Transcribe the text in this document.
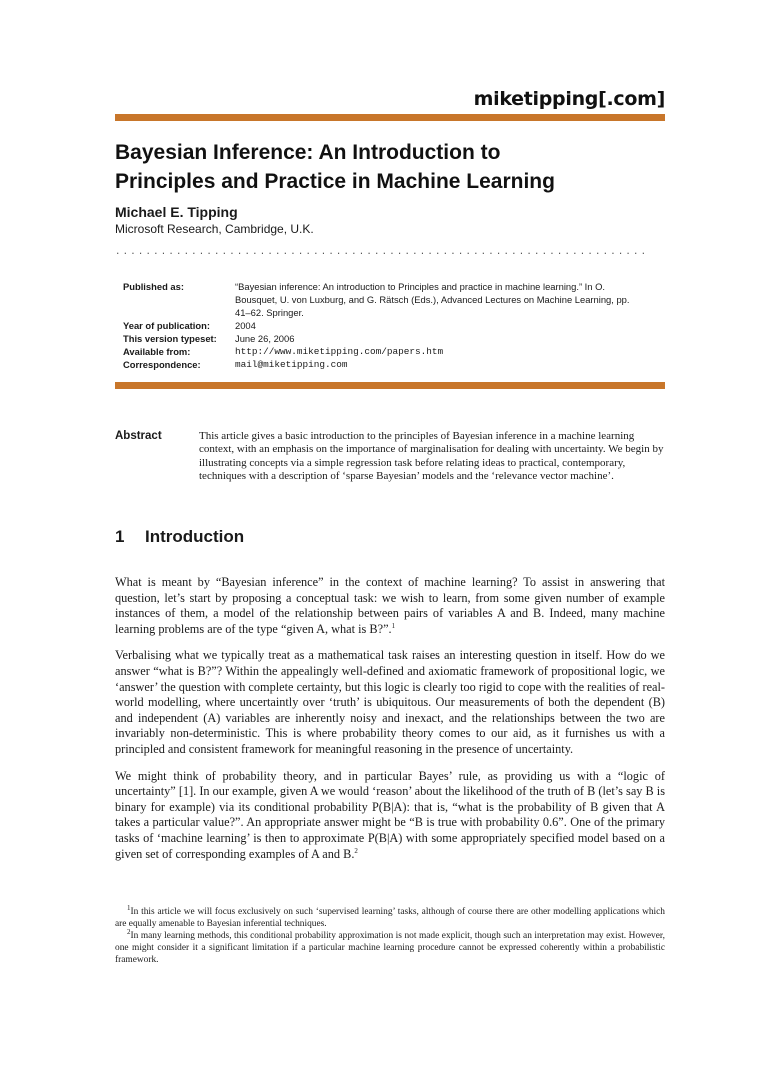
miketipping[.com]
Bayesian Inference: An Introduction to
Principles and Practice in Machine Learning
Michael E. Tipping
Microsoft Research, Cambridge, U.K.
......................................................................
Published as:	“Bayesian inference: An introduction to Principles and practice in machine learning.” In O. Bousquet, U. von Luxburg, and G. Rätsch (Eds.), Advanced Lectures on Machine Learning, pp. 41–62. Springer.
Year of publication:	2004
This version typeset:	June 26, 2006
Available from:	http://www.miketipping.com/papers.htm
Correspondence:	mail@miketipping.com
Abstract	This article gives a basic introduction to the principles of Bayesian inference in a machine learning context, with an emphasis on the importance of marginalisation for dealing with uncertainty. We begin by illustrating concepts via a simple regression task before relating ideas to practical, contemporary, techniques with a description of ‘sparse Bayesian’ models and the ‘relevance vector machine’.
1 Introduction

What is meant by “Bayesian inference” in the context of machine learning? To assist in answering that question, let’s start by proposing a conceptual task: we wish to learn, from some given number of example instances of them, a model of the relationship between pairs of variables A and B. Indeed, many machine learning problems are of the type “given A, what is B?”.$^1$

Verbalising what we typically treat as a mathematical task raises an interesting question in itself. How do we answer “what is B?”? Within the appealingly well-defined and axiomatic framework of propositional logic, we ‘answer’ the question with complete certainty, but this logic is clearly too rigid to cope with the realities of real-world modelling, where uncertaintly over ‘truth’ is ubiquitous. Our measurements of both the dependent (B) and independent (A) variables are inherently noisy and inexact, and the relationships between the two are invariably non-deterministic. This is where probability theory comes to our aid, as it furnishes us with a principled and consistent framework for meaningful reasoning in the presence of uncertainty.

We might think of probability theory, and in particular Bayes’ rule, as providing us with a “logic of uncertainty” [1]. In our example, given A we would ‘reason’ about the likelihood of the truth of B (let’s say B is binary for example) via its conditional probability P(B|A): that is, “what is the probability of B given that A takes a particular value?”. An appropriate answer might be “B is true with probability 0.6”. One of the primary tasks of ‘machine learning’ is then to approximate P(B|A) with some appropriately specified model based on a given set of corresponding examples of A and B.$^2$

$^1$In this article we will focus exclusively on such ‘supervised learning’ tasks, although of course there are other modelling applications which are equally amenable to Bayesian inferential techniques.

$^2$In many learning methods, this conditional probability approximation is not made explicit, though such an interpretation may exist. However, one might consider it a significant limitation if a particular machine learning procedure cannot be expressed coherently within a probabilistic framework.
